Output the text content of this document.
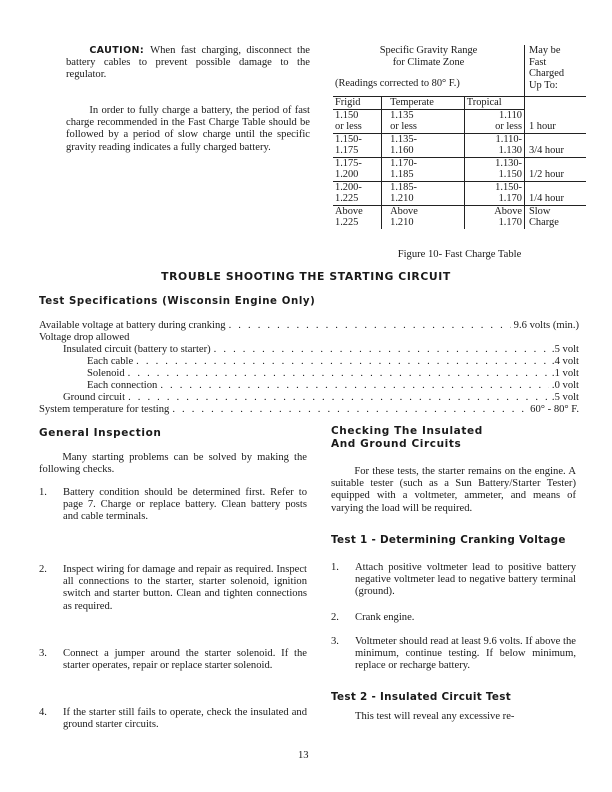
CAUTION: When fast charging, disconnect the battery cables to prevent possible damage to the regulator.
In order to fully charge a battery, the period of fast charge recommended in the Fast Charge Table should be followed by a period of slow charge until the specific gravity reading indicates a fully charged battery.
Specific Gravity Range
for Climate Zone
(Readings corrected to 80° F.)			May be
Fast
Charged
Up To:
Frigid	Temperate	Tropical	
1.150	1.135	1.110	
or less	or less	or less	1 hour
1.150-	1.135-	1.110-	
1.175	1.160	1.130	3/4 hour
1.175-	1.170-	1.130-	
1.200	1.185	1.150	1/2 hour
1.200-	1.185-	1.150-	
1.225	1.210	1.170	1/4 hour
Above	Above	Above	Slow
1.225	1.210	1.170	Charge
Figure 10- Fast Charge Table
TROUBLE SHOOTING THE STARTING CIRCUIT
Test Specifications (Wisconsin Engine Only)
Available voltage at battery during cranking . . .	9.6 volts (min.)
Voltage drop allowed
Insulated circuit (battery to starter) . . .	.5 volt
Each cable . . .	.4 volt
Solenoid . . .	.1 volt
Each connection . . .	.0 volt
Ground circuit . . .	.5 volt
System temperature for testing . . .	60° - 80° F.
General Inspection
Many starting problems can be solved by making the following checks.
1.	Battery condition should be determined first. Refer to page 7. Charge or replace battery. Clean battery posts and cable terminals.
2.	Inspect wiring for damage and repair as required. Inspect all connections to the starter, starter solenoid, ignition switch and starter button. Clean and tighten connections as required.
3.	Connect a jumper around the starter solenoid. If the starter operates, repair or replace starter solenoid.
4.	If the starter still fails to operate, check the insulated and ground starter circuits.
Checking The Insulated
And Ground Circuits
For these tests, the starter remains on the engine. A suitable tester (such as a Sun Battery/Starter Tester) equipped with a voltmeter, ammeter, and means of varying the load will be required.
Test 1 - Determining Cranking Voltage
1.	Attach positive voltmeter lead to positive battery negative voltmeter lead to negative battery terminal (ground).
2.	Crank engine.
3.	Voltmeter should read at least 9.6 volts. If above the minimum, continue testing. If below minimum, replace or recharge battery.
Test 2 - Insulated Circuit Test
This test will reveal any excessive re-
13
